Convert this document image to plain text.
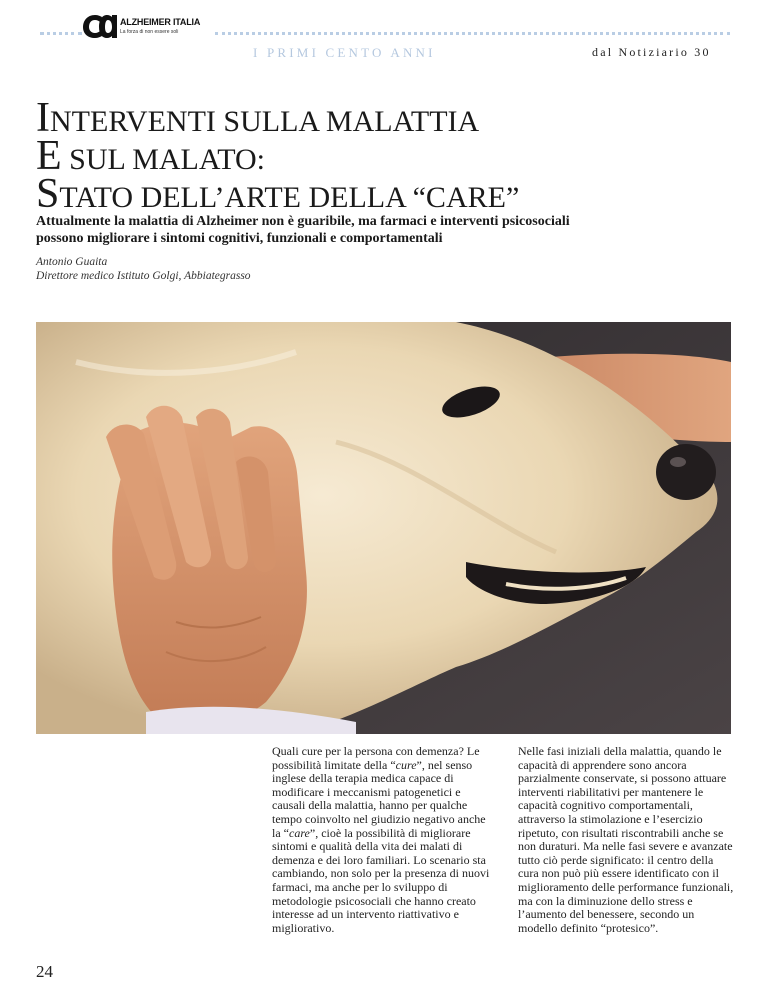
ALZHEIMER ITALIA
La forza di non essere soli
I PRIMI CENTO ANNI	dal Notiziario 30
INTERVENTI SULLA MALATTIA
E SUL MALATO:
STATO DELL’ARTE DELLA “CARE”
Attualmente la malattia di Alzheimer non è guaribile, ma farmaci e interventi psicosociali
possono migliorare i sintomi cognitivi, funzionali e comportamentali
Antonio Guaita
Direttore medico Istituto Golgi, Abbiategrasso
Quali cure per la persona con demenza? Le possibilità limitate della “cure”, nel senso inglese della terapia medica capace di modificare i meccanismi patogenetici e causali della malattia, hanno per qualche tempo coinvolto nel giudizio negativo anche la “care”, cioè la possibilità di migliorare sintomi e qualità della vita dei malati di demenza e dei loro familiari. Lo scenario sta cambiando, non solo per la presenza di nuovi farmaci, ma anche per lo sviluppo di metodologie psicosociali che hanno creato interesse ad un intervento riattivativo e migliorativo.
Nelle fasi iniziali della malattia, quando le capacità di apprendere sono ancora parzialmente conservate, si possono attuare interventi riabilitativi per mantenere le capacità cognitivo comportamentali, attraverso la stimolazione e l’esercizio ripetuto, con risultati riscontrabili anche se non duraturi. Ma nelle fasi severe e avanzate tutto ciò perde significato: il centro della cura non può più essere identificato con il miglioramento delle performance funzionali, ma con la diminuzione dello stress e l’aumento del benessere, secondo un modello definito “protesico”.
24
